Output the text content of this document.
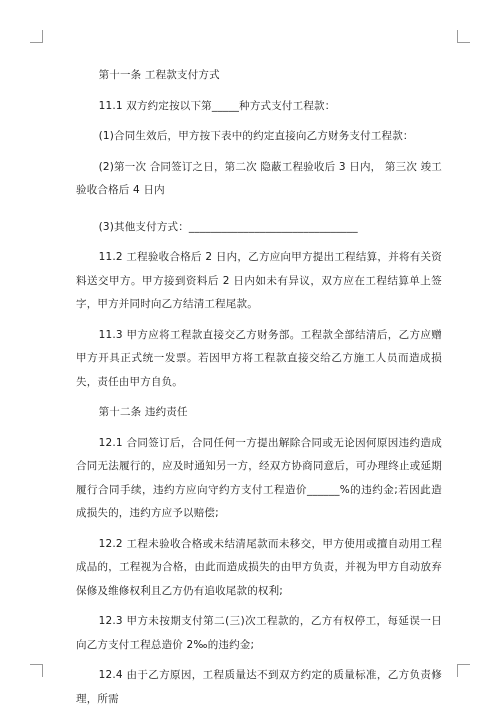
第十一条 工程款支付方式

11.1 双方约定按以下第_____种方式支付工程款：

(1)合同生效后，甲方按下表中的约定直接向乙方财务支付工程款：

(2)第一次 合同签订之日，第二次 隐蔽工程验收后 3 日内， 第三次 竣工验收合格后 4 日内

(3)其他支付方式：_______________________________

11.2 工程验收合格后 2 日内，乙方应向甲方提出工程结算，并将有关资料送交甲方。甲方接到资料后 2 日内如未有异议，双方应在工程结算单上签字，甲方并同时向乙方结清工程尾款。

11.3 甲方应将工程款直接交乙方财务部。工程款全部结清后，乙方应赠甲方开具正式统一发票。若因甲方将工程款直接交给乙方施工人员而造成损失，责任由甲方自负。

第十二条 违约责任

12.1 合同签订后，合同任何一方提出解除合同或无论因何原因违约造成合同无法履行的，应及时通知另一方，经双方协商同意后，可办理终止或延期履行合同手续，违约方应向守约方支付工程造价______%的违约金;若因此造成损失的，违约方应予以赔偿;

12.2 工程未验收合格或未结清尾款而未移交，甲方使用或擅自动用工程成品的，工程视为合格，由此而造成损失的由甲方负责，并视为甲方自动放弃保修及维修权利且乙方仍有追收尾款的权利;

12.3 甲方未按期支付第二(三)次工程款的，乙方有权停工，每延误一日向乙方支付工程总造价 2‰的违约金;

12.4 由于乙方原因，工程质量达不到双方约定的质量标准，乙方负责修理，所需
